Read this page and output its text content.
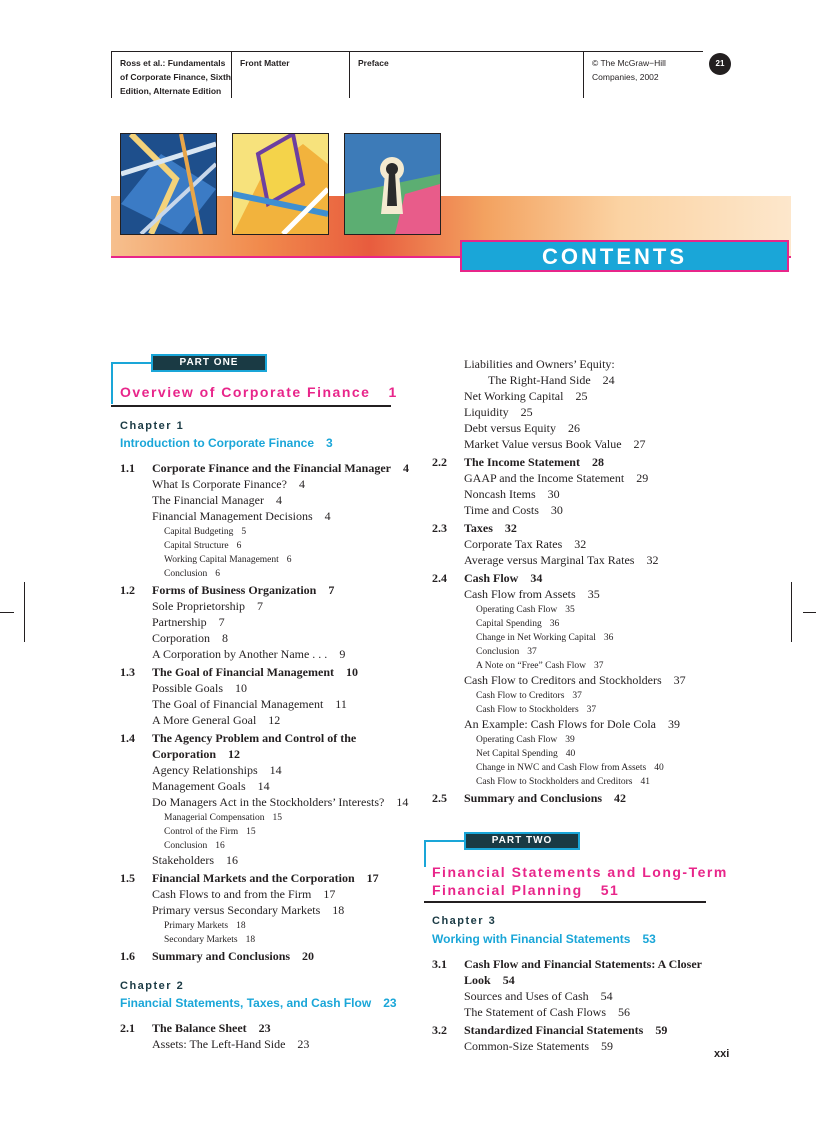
Ross et al.: Fundamentals
of Corporate Finance, Sixth
Edition, Alternate Edition
Front Matter	Preface	© The McGraw−Hill
Companies, 2002
21
CONTENTS
PART ONE
Overview of Corporate Finance 1
Chapter 1
Introduction to Corporate Finance 3
Corporate Finance and the Financial Manager 4
1.1
What Is Corporate Finance? 4
The Financial Manager 4
Financial Management Decisions 4
Capital Budgeting 5
Capital Structure 6
Working Capital Management 6
Conclusion 6
Forms of Business Organization 7
1.2
Sole Proprietorship 7
Partnership 7
Corporation 8
A Corporation by Another Name . . . 9
The Goal of Financial Management 10
1.3
Possible Goals 10
The Goal of Financial Management 11
A More General Goal 12
The Agency Problem and Control of the
1.4
Corporation 12
Agency Relationships 14
Management Goals 14
Do Managers Act in the Stockholders’ Interests? 14
Managerial Compensation 15
Control of the Firm 15
Conclusion 16
Stakeholders 16
Financial Markets and the Corporation 17
1.5
Cash Flows to and from the Firm 17
Primary versus Secondary Markets 18
Primary Markets 18
Secondary Markets 18
Summary and Conclusions 20
1.6
Chapter 2
Financial Statements, Taxes, and Cash Flow 23
The Balance Sheet 23
2.1
Assets: The Left-Hand Side 23
Liabilities and Owners’ Equity:
The Right-Hand Side 24
Net Working Capital 25
Liquidity 25
Debt versus Equity 26
Market Value versus Book Value 27
The Income Statement 28
2.2
GAAP and the Income Statement 29
Noncash Items 30
Time and Costs 30
Taxes 32
2.3
Corporate Tax Rates 32
Average versus Marginal Tax Rates 32
Cash Flow 34
2.4
Cash Flow from Assets 35
Operating Cash Flow 35
Capital Spending 36
Change in Net Working Capital 36
Conclusion 37
A Note on “Free” Cash Flow 37
Cash Flow to Creditors and Stockholders 37
Cash Flow to Creditors 37
Cash Flow to Stockholders 37
An Example: Cash Flows for Dole Cola 39
Operating Cash Flow 39
Net Capital Spending 40
Change in NWC and Cash Flow from Assets 40
Cash Flow to Stockholders and Creditors 41
Summary and Conclusions 42
2.5
PART TWO
Financial Statements and Long-Term
Financial Planning 51
Chapter 3
Working with Financial Statements 53
Cash Flow and Financial Statements: A Closer
3.1
Look 54
Sources and Uses of Cash 54
The Statement of Cash Flows 56
Standardized Financial Statements 59
3.2
Common-Size Statements 59
xxi
